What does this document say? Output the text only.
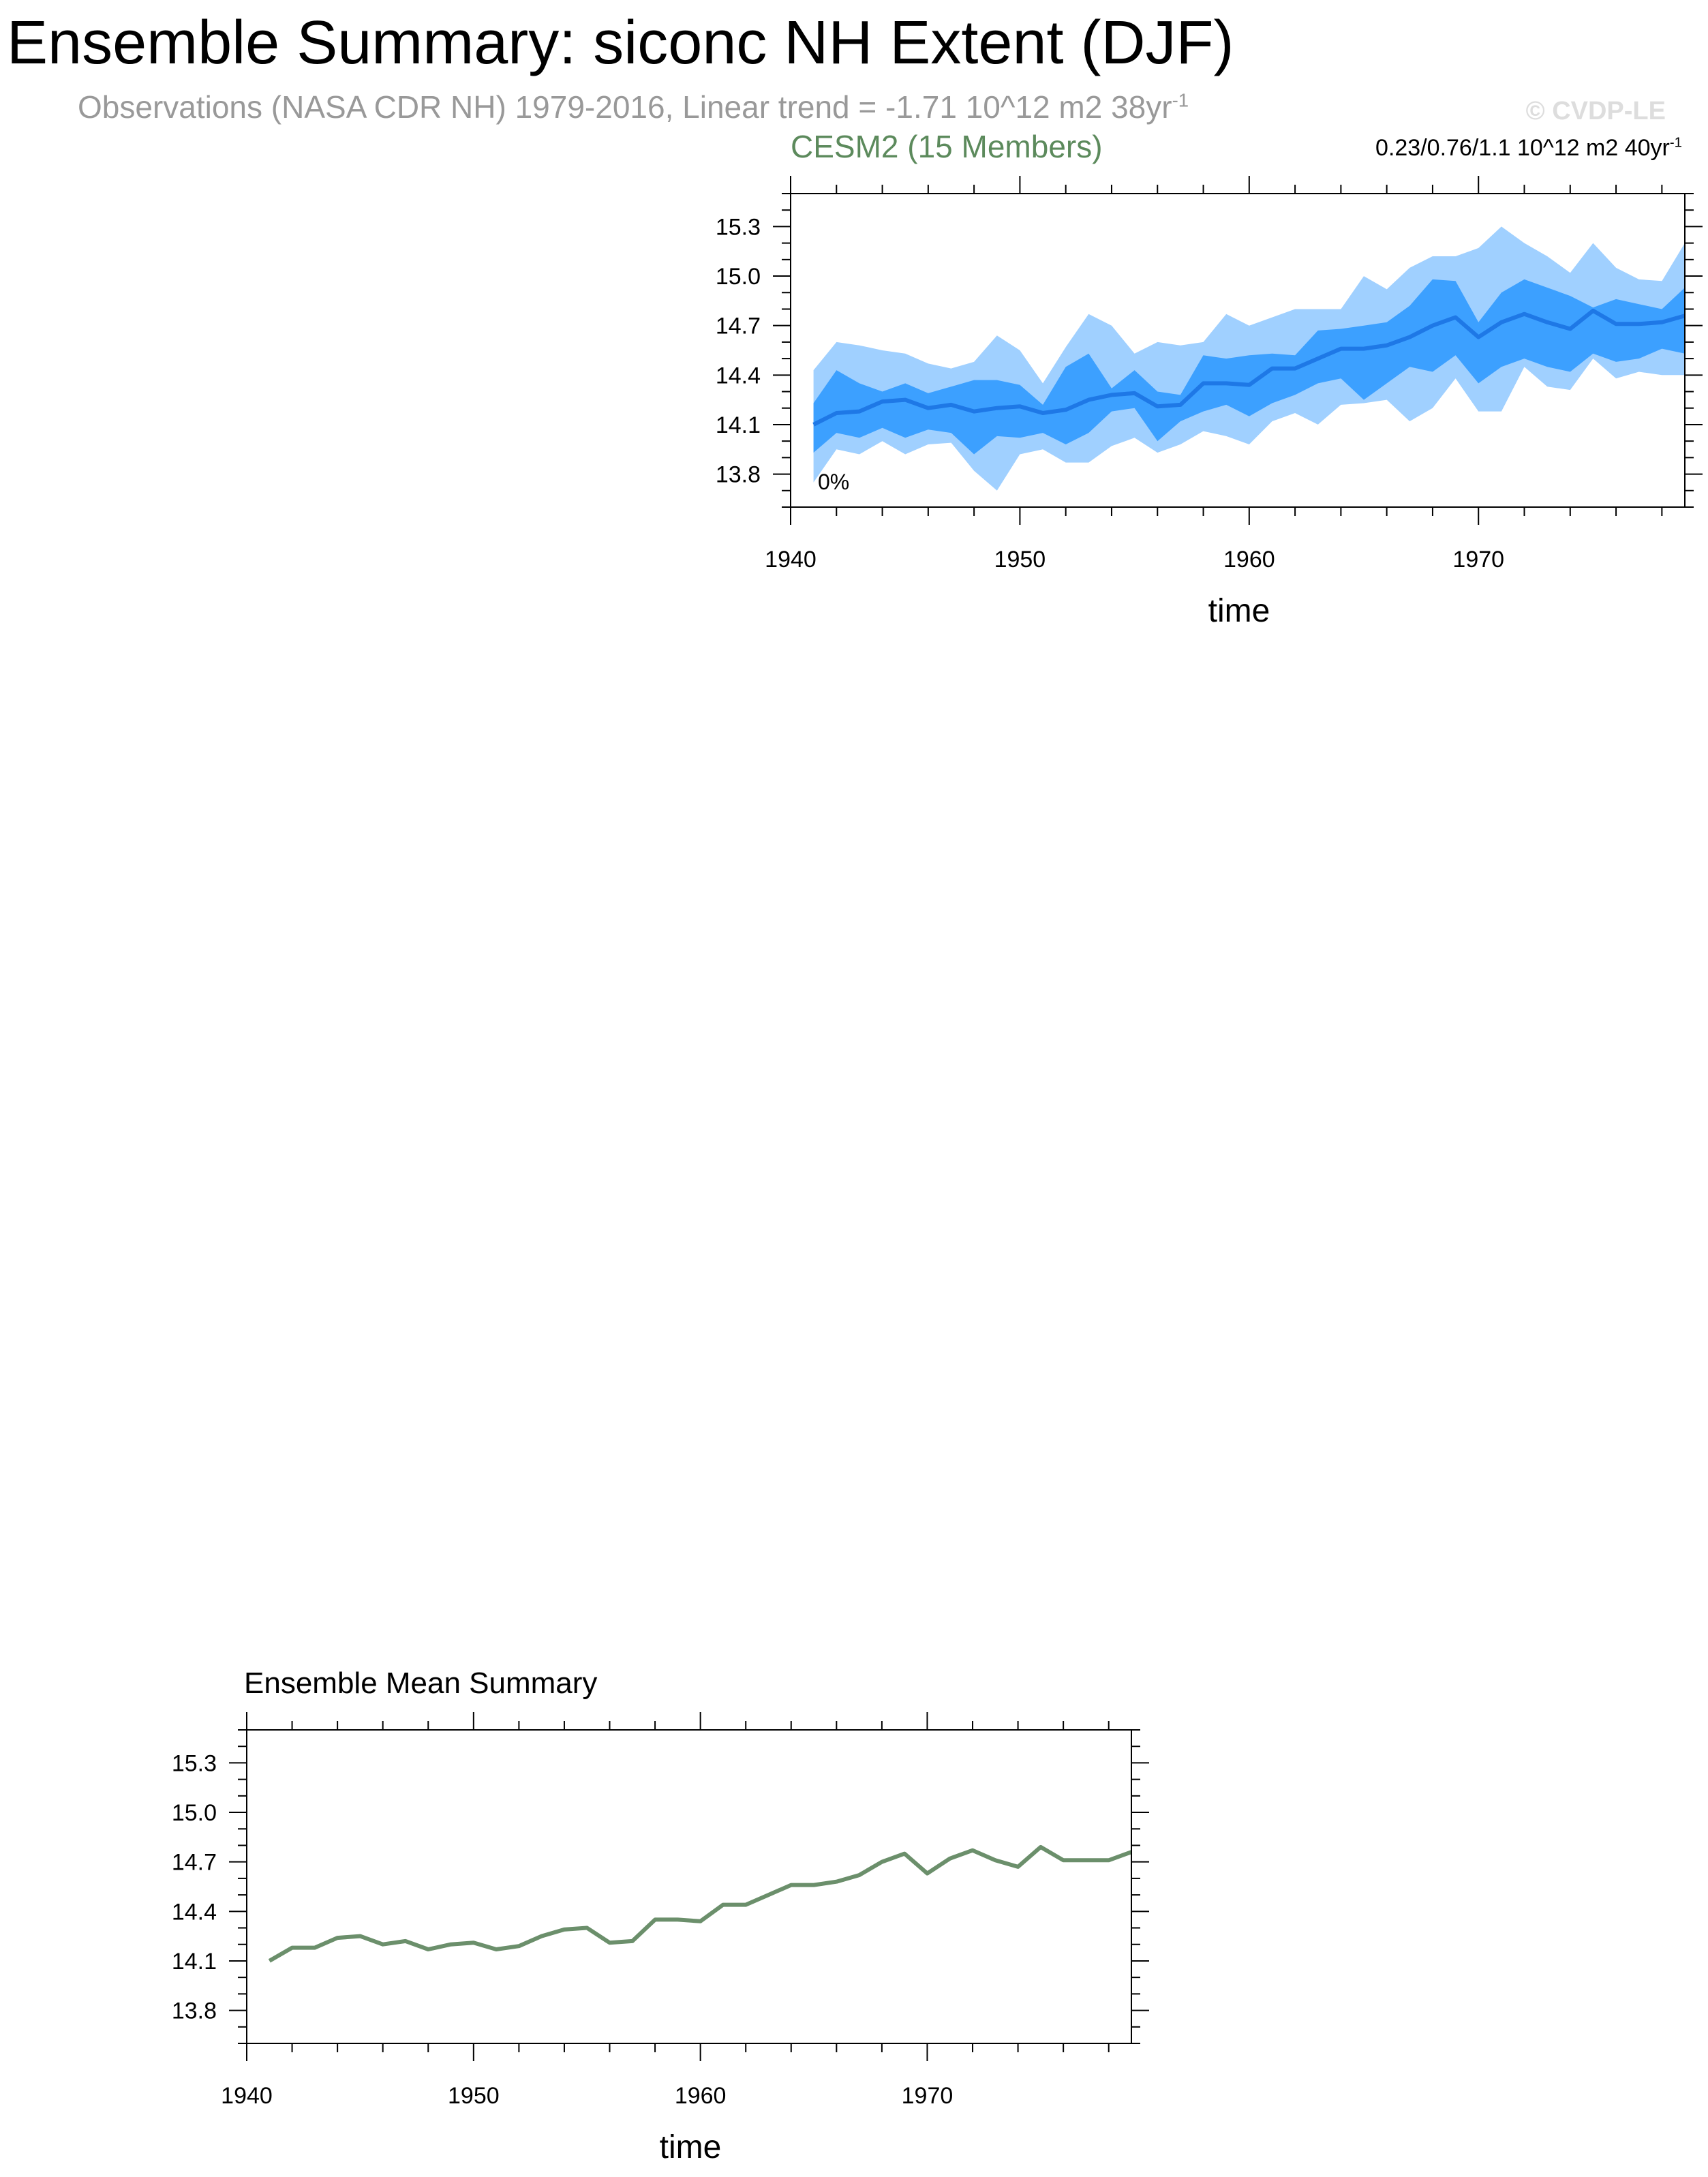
Ensemble Summary: siconc NH Extent (DJF)
Observations (NASA CDR NH) 1979-2016, Linear trend = -1.71 10^12 m2 $38yr^{-1}$	© CVDP-LE
CESM2 (15 Members)	0.23/0.76/1.1 10^12 m2 $40yr^{-1}$
Ensemble Mean Summary
0%
1940	1950	1960	1970
13.8
14.1
14.4
14.7
15.0
15.3
time
1940	1950	1960	1970
13.8
14.1
14.4
14.7
15.0
15.3
time
